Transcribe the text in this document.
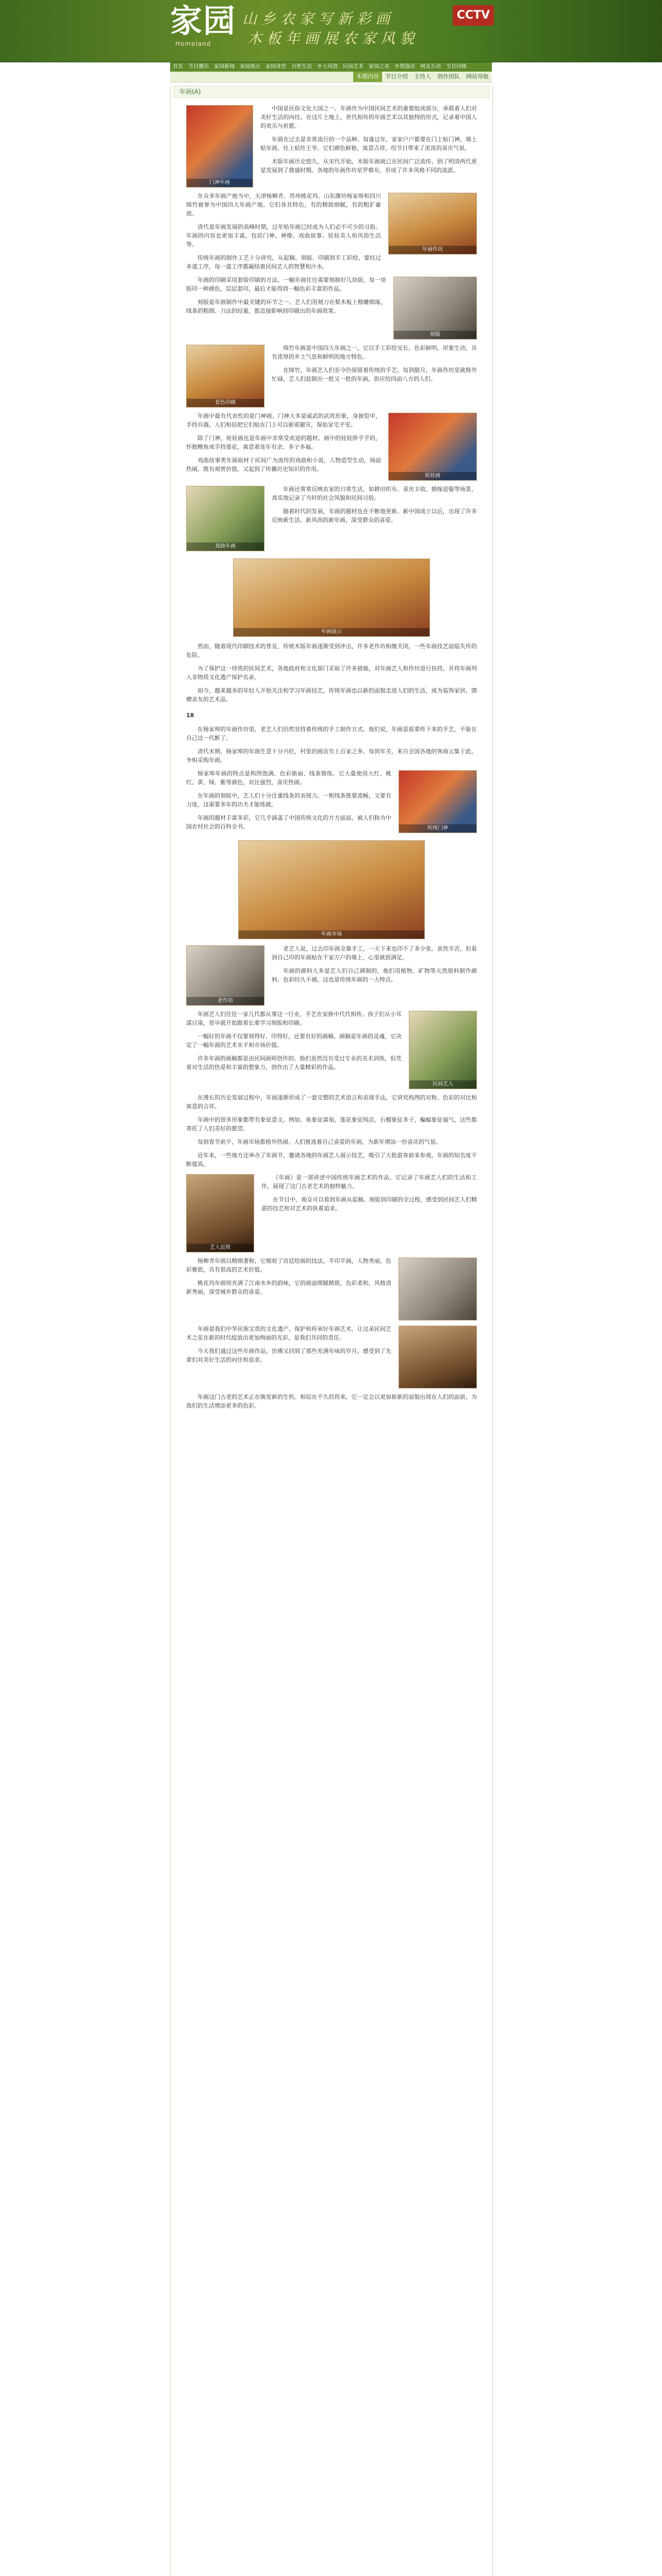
CCTV
家园
Homeland
山 乡 农 家 写 新 彩 画
木 板 年 画 展 农 家 风 貌
首页	节目播出	家园新闻	家园视点	家园讲堂	百姓生活	乡土风情	民间艺术	家园之美	乡情漫话	网友互动	节目回顾
本期内容	节目介绍	主持人	创作团队	网站导航
年画(A)
门神年画

中国是民俗文化大国之一。年画作为中国民间艺术的重要组成部分，承载着人们对美好生活的向往。在这片土地上，世代相传的年画艺术以其独特的形式，记录着中国人的欢乐与祈愿。

年画在过去是非常流行的一个品种。每逢过年，家家户户都要在门上贴门神，墙上贴年画，灶上贴灶王爷。它们颜色鲜艳，寓意吉祥，给节日带来了浓浓的喜庆气氛。

木版年画历史悠久。从宋代开始，木版年画就已在民间广泛流传，到了明清两代更是发展到了鼎盛时期。各地的年画作坊星罗棋布，形成了许多风格不同的流派。

年画作坊

在众多年画产地当中，天津杨柳青、苏州桃花坞、山东潍坊杨家埠和四川绵竹被誉为中国四大年画产地。它们各具特色，有的精致细腻，有的粗犷豪放。

清代是年画发展的高峰时期，过年贴年画已经成为人们必不可少的习俗。年画的内容也更加丰富，包括门神、神像、戏曲故事、娃娃美人和风俗生活等。

传统年画的制作工艺十分讲究，从起稿、刻版、印刷到手工彩绘，要经过多道工序，每一道工序都凝结着民间艺人的智慧和汗水。

刻版

年画的印刷采用套版印刷的方法。一幅年画往往需要刻制好几块版，每一块版印一种颜色，层层套印，最后才能得到一幅色彩丰富的作品。

刻版是年画制作中最关键的环节之一。艺人们用刻刀在梨木板上精雕细琢，线条的粗细、刀法的轻重，都直接影响到印刷出的年画效果。

套色印刷

绵竹年画是中国四大年画之一，它以手工彩绘见长，色彩鲜明，形象生动，具有浓厚的乡土气息和鲜明的地方特色。

在绵竹，年画艺人们至今仍保留着传统的手艺。每到腊月，年画作坊里就格外忙碌，艺人们赶制出一批又一批的年画，供应给四面八方的人们。

娃娃画

年画中最有代表性的是门神画。门神大多是威武的武将形象，身披铠甲，手持兵器，人们相信把它们贴在门上可以驱邪避灾，保佑家宅平安。

除了门神，娃娃画也是年画中非常受欢迎的题材。画中的娃娃胖乎乎的，怀抱鲤鱼或手持莲花，寓意着连年有余、多子多福。

戏曲故事类年画取材于民间广为流传的戏曲和小说，人物造型生动，场面热闹，既有观赏价值，又起到了传播历史知识的作用。

戏曲年画

年画还常常反映农家的日常生活，如耕田织布、喜庆丰收、婚嫁迎娶等场景，真实地记录了当时的社会风貌和民间习俗。

随着时代的发展，年画的题材也在不断地更新。新中国成立以后，出现了许多反映新生活、新风尚的新年画，深受群众的喜爱。

年画展示

然而，随着现代印刷技术的普及，传统木版年画逐渐受到冲击，许多老作坊相继关闭，一些年画技艺面临失传的危险。

为了保护这一珍贵的民间艺术，各地政府和文化部门采取了许多措施，对年画艺人和作坊进行扶持，并将年画列入非物质文化遗产保护名录。

如今，越来越多的年轻人开始关注和学习年画技艺，传统年画也以新的面貌走进人们的生活，成为装饰家居、馈赠亲友的艺术品。

18

在杨家埠的年画作坊里，老艺人们仍然坚持着传统的手工制作方式。他们说，年画是祖辈传下来的手艺，不能在自己这一代断了。

清代末期，杨家埠的年画生意十分兴旺，村里的画店有上百家之多。每到年关，来自全国各地的客商云集于此，争相采购年画。

传统门神

杨家埠年画的特点是构图饱满、色彩艳丽、线条简练。它大量使用大红、桃红、黄、绿、紫等颜色，对比强烈，喜庆热闹。

在年画的刻版中，艺人们十分注重线条的表现力。一根线条既要流畅，又要有力度，这需要多年的功夫才能练就。

年画的题材丰富多彩，它几乎涵盖了中国传统文化的方方面面，被人们称为中国农村社会的百科全书。

年画市场
老作坊

老艺人说，过去印年画全靠手工，一天下来也印不了多少张。虽然辛苦，但看到自己印的年画贴在千家万户的墙上，心里就很满足。

年画的颜料大多是艺人们自己调制的，他们用植物、矿物等天然原料制作颜料，色彩经久不褪，这也是传统年画的一大特点。

民间艺人

年画艺人们往往一家几代都从事这一行业，手艺在家族中代代相传。孩子们从小耳濡目染，很早就开始跟着长辈学习刻版和印刷。

一幅好的年画不仅要刻得好、印得好，还要有好的画稿。画稿是年画的灵魂，它决定了一幅年画的艺术水平和市场价值。

许多年画的画稿都是由民间画师创作的。他们虽然没有受过专业的美术训练，但凭着对生活的热爱和丰富的想象力，创作出了大量精彩的作品。

在漫长的历史发展过程中，年画逐渐形成了一套完整的艺术语言和表现手法，它讲究构图的对称、色彩的对比和寓意的吉祥。

年画中的很多形象都带有象征意义。例如，鱼象征富裕，莲花象征纯洁，石榴象征多子，蝙蝠象征福气，这些都寄托了人们美好的愿望。

每到春节前夕，年画市场都格外热闹。人们挑选着自己喜爱的年画，为新年增添一份喜庆的气氛。

近年来，一些地方还举办了年画节，邀请各地的年画艺人展示技艺，吸引了大批游客前来参观，年画的知名度不断提高。

艺人近照

《年画》是一部讲述中国传统年画艺术的作品。它记录了年画艺人们的生活和工作，展现了这门古老艺术的独特魅力。

在节目中，观众可以看到年画从起稿、刻版到印刷的全过程，感受到民间艺人们精湛的技艺和对艺术的执着追求。

杨柳青年画以精细著称，它吸收了宫廷绘画的技法，半印半画，人物秀丽，色彩雅致，具有很高的艺术价值。

桃花坞年画则充满了江南水乡的韵味，它的画面细腻精致，色彩柔和，风格清新秀丽，深受城乡群众的喜爱。

年画是我们中华民族宝贵的文化遗产。保护和传承好年画艺术，让这朵民间艺术之花在新的时代绽放出更加绚丽的光彩，是我们共同的责任。

今天我们通过这些年画作品，仿佛又回到了那些充满年味的岁月，感受到了先辈们对美好生活的向往和追求。

年画这门古老的艺术正在焕发新的生机。相信在不久的将来，它一定会以更加崭新的面貌出现在人们的面前，为我们的生活增添更多的色彩。
